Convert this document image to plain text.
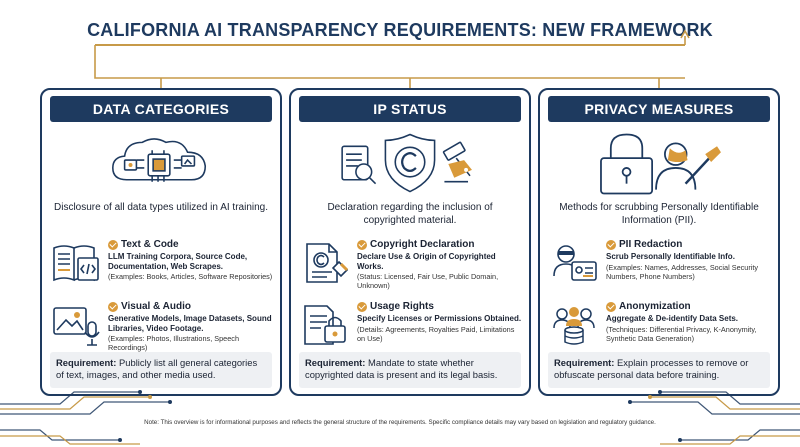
CALIFORNIA AI TRANSPARENCY REQUIREMENTS: NEW FRAMEWORK
DATA CATEGORIES
Disclosure of all data types utilized in AI training.
Text & Code
LLM Training Corpora, Source Code, Documentation, Web Scrapes.
(Examples: Books, Articles, Software Repositories)
Visual & Audio
Generative Models, Image Datasets, Sound Libraries, Video Footage.
(Examples: Photos, Illustrations, Speech Recordings)
Requirement: Publicly list all general categories of text, images, and other media used.
IP STATUS
Declaration regarding the inclusion of copyrighted material.
Copyright Declaration
Declare Use & Origin of Copyrighted Works.
(Status: Licensed, Fair Use, Public Domain, Unknown)
Usage Rights
Specify Licenses or Permissions Obtained.
(Details: Agreements, Royalties Paid, Limitations on Use)
Requirement: Mandate to state whether copyrighted data is present and its legal basis.
PRIVACY MEASURES
Methods for scrubbing Personally Identifiable Information (PII).
PII Redaction
Scrub Personally Identifiable Info.
(Examples: Names, Addresses, Social Security Numbers, Phone Numbers)
Anonymization
Aggregate & De-identify Data Sets.
(Techniques: Differential Privacy, K-Anonymity, Synthetic Data Generation)
Requirement: Explain processes to remove or obfuscate personal data before training.
Note: This overview is for informational purposes and reflects the general structure of the requirements. Specific compliance details may vary based on legislation and regulatory guidance.
